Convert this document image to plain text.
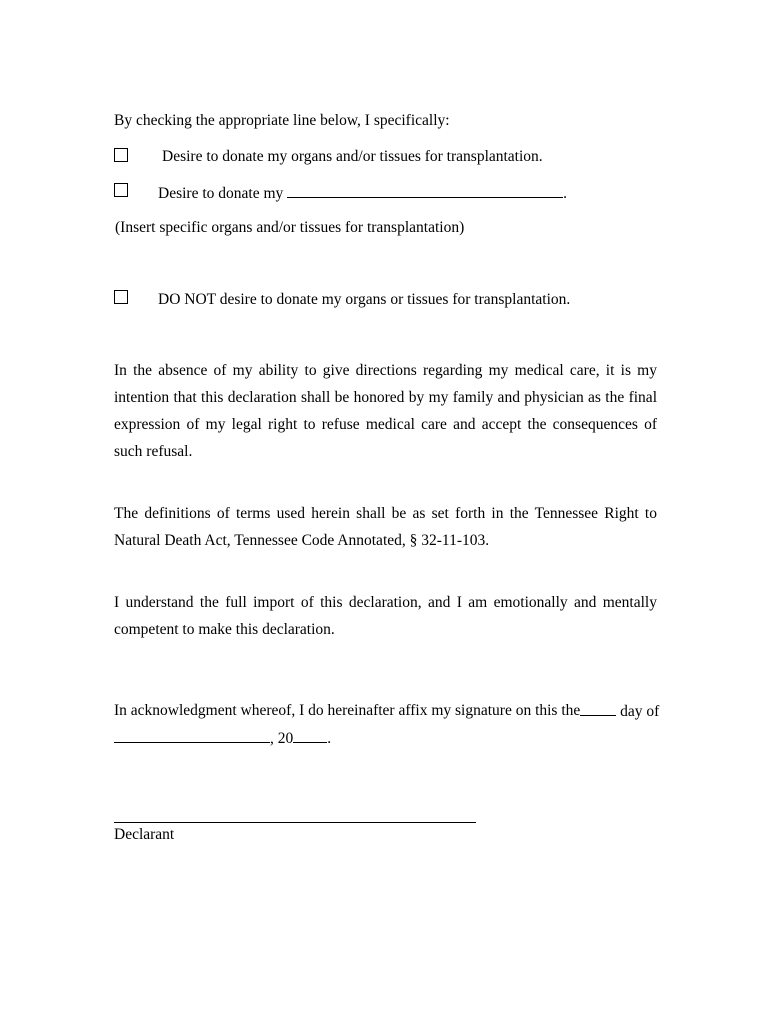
By checking the appropriate line below, I specifically:
Desire to donate my organs and/or tissues for transplantation.
Desire to donate my	.
(Insert specific organs and/or tissues for transplantation)
DO NOT desire to donate my organs or tissues for transplantation.
In the absence of my ability to give directions regarding my medical care, it is my intention that this declaration shall be honored by my family and physician as the final expression of my legal right to refuse medical care and accept the consequences of such refusal.
The definitions of terms used herein shall be as set forth in the Tennessee Right to Natural Death Act, Tennessee Code Annotated, § 32-11-103.
I understand the full import of this declaration, and I am emotionally and mentally competent to make this declaration.
In acknowledgment whereof, I do hereinafter affix my signature on this the	day of
, 20 .
Declarant
